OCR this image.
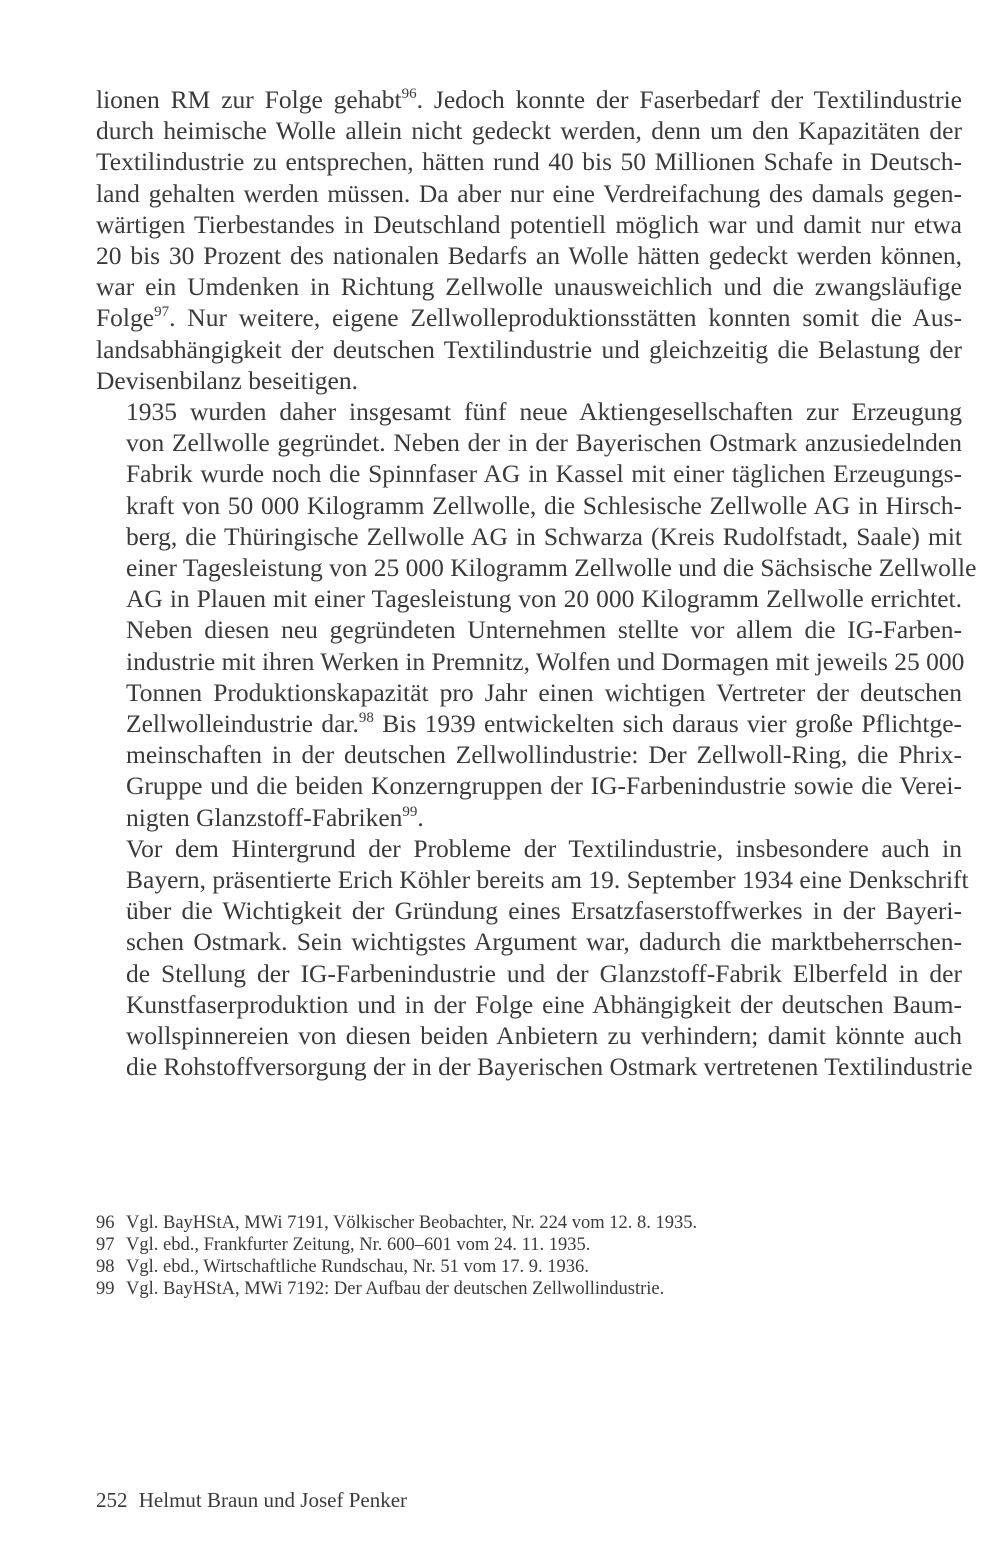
lionen RM zur Folge gehabt$^{96}$. Jedoch konnte der Faserbedarf der Textilindustrie
durch heimische Wolle allein nicht gedeckt werden, denn um den Kapazitäten der
Textilindustrie zu entsprechen, hätten rund 40 bis 50 Millionen Schafe in Deutsch-
land gehalten werden müssen. Da aber nur eine Verdreifachung des damals gegen-
wärtigen Tierbestandes in Deutschland potentiell möglich war und damit nur etwa
20 bis 30 Prozent des nationalen Bedarfs an Wolle hätten gedeckt werden können,
war ein Umdenken in Richtung Zellwolle unausweichlich und die zwangsläufige
Folge$^{97}$. Nur weitere, eigene Zellwolleproduktionsstätten konnten somit die Aus-
landsabhängigkeit der deutschen Textilindustrie und gleichzeitig die Belastung der
Devisenbilanz beseitigen.

1935 wurden daher insgesamt fünf neue Aktiengesellschaften zur Erzeugung
von Zellwolle gegründet. Neben der in der Bayerischen Ostmark anzusiedelnden
Fabrik wurde noch die Spinnfaser AG in Kassel mit einer täglichen Erzeugungs-
kraft von 50 000 Kilogramm Zellwolle, die Schlesische Zellwolle AG in Hirsch-
berg, die Thüringische Zellwolle AG in Schwarza (Kreis Rudolfstadt, Saale) mit
einer Tagesleistung von 25 000 Kilogramm Zellwolle und die Sächsische Zellwolle
AG in Plauen mit einer Tagesleistung von 20 000 Kilogramm Zellwolle errichtet.
Neben diesen neu gegründeten Unternehmen stellte vor allem die IG-Farben-
industrie mit ihren Werken in Premnitz, Wolfen und Dormagen mit jeweils 25 000
Tonnen Produktionskapazität pro Jahr einen wichtigen Vertreter der deutschen
Zellwolleindustrie dar.$^{98}$ Bis 1939 entwickelten sich daraus vier große Pflichtge-
meinschaften in der deutschen Zellwollindustrie: Der Zellwoll-Ring, die Phrix-
Gruppe und die beiden Konzerngruppen der IG-Farbenindustrie sowie die Verei-
nigten Glanzstoff-Fabriken$^{99}$.

Vor dem Hintergrund der Probleme der Textilindustrie, insbesondere auch in
Bayern, präsentierte Erich Köhler bereits am 19. September 1934 eine Denkschrift
über die Wichtigkeit der Gründung eines Ersatzfaserstoffwerkes in der Bayeri-
schen Ostmark. Sein wichtigstes Argument war, dadurch die marktbeherrschen-
de Stellung der IG-Farbenindustrie und der Glanzstoff-Fabrik Elberfeld in der
Kunstfaserproduktion und in der Folge eine Abhängigkeit der deutschen Baum-
wollspinnereien von diesen beiden Anbietern zu verhindern; damit könnte auch
die Rohstoffversorgung der in der Bayerischen Ostmark vertretenen Textilindustrie

96 Vgl. BayHStA, MWi 7191, Völkischer Beobachter, Nr. 224 vom 12. 8. 1935.
97 Vgl. ebd., Frankfurter Zeitung, Nr. 600–601 vom 24. 11. 1935.
98 Vgl. ebd., Wirtschaftliche Rundschau, Nr. 51 vom 17. 9. 1936.
99 Vgl. BayHStA, MWi 7192: Der Aufbau der deutschen Zellwollindustrie.
252 Helmut Braun und Josef Penker
